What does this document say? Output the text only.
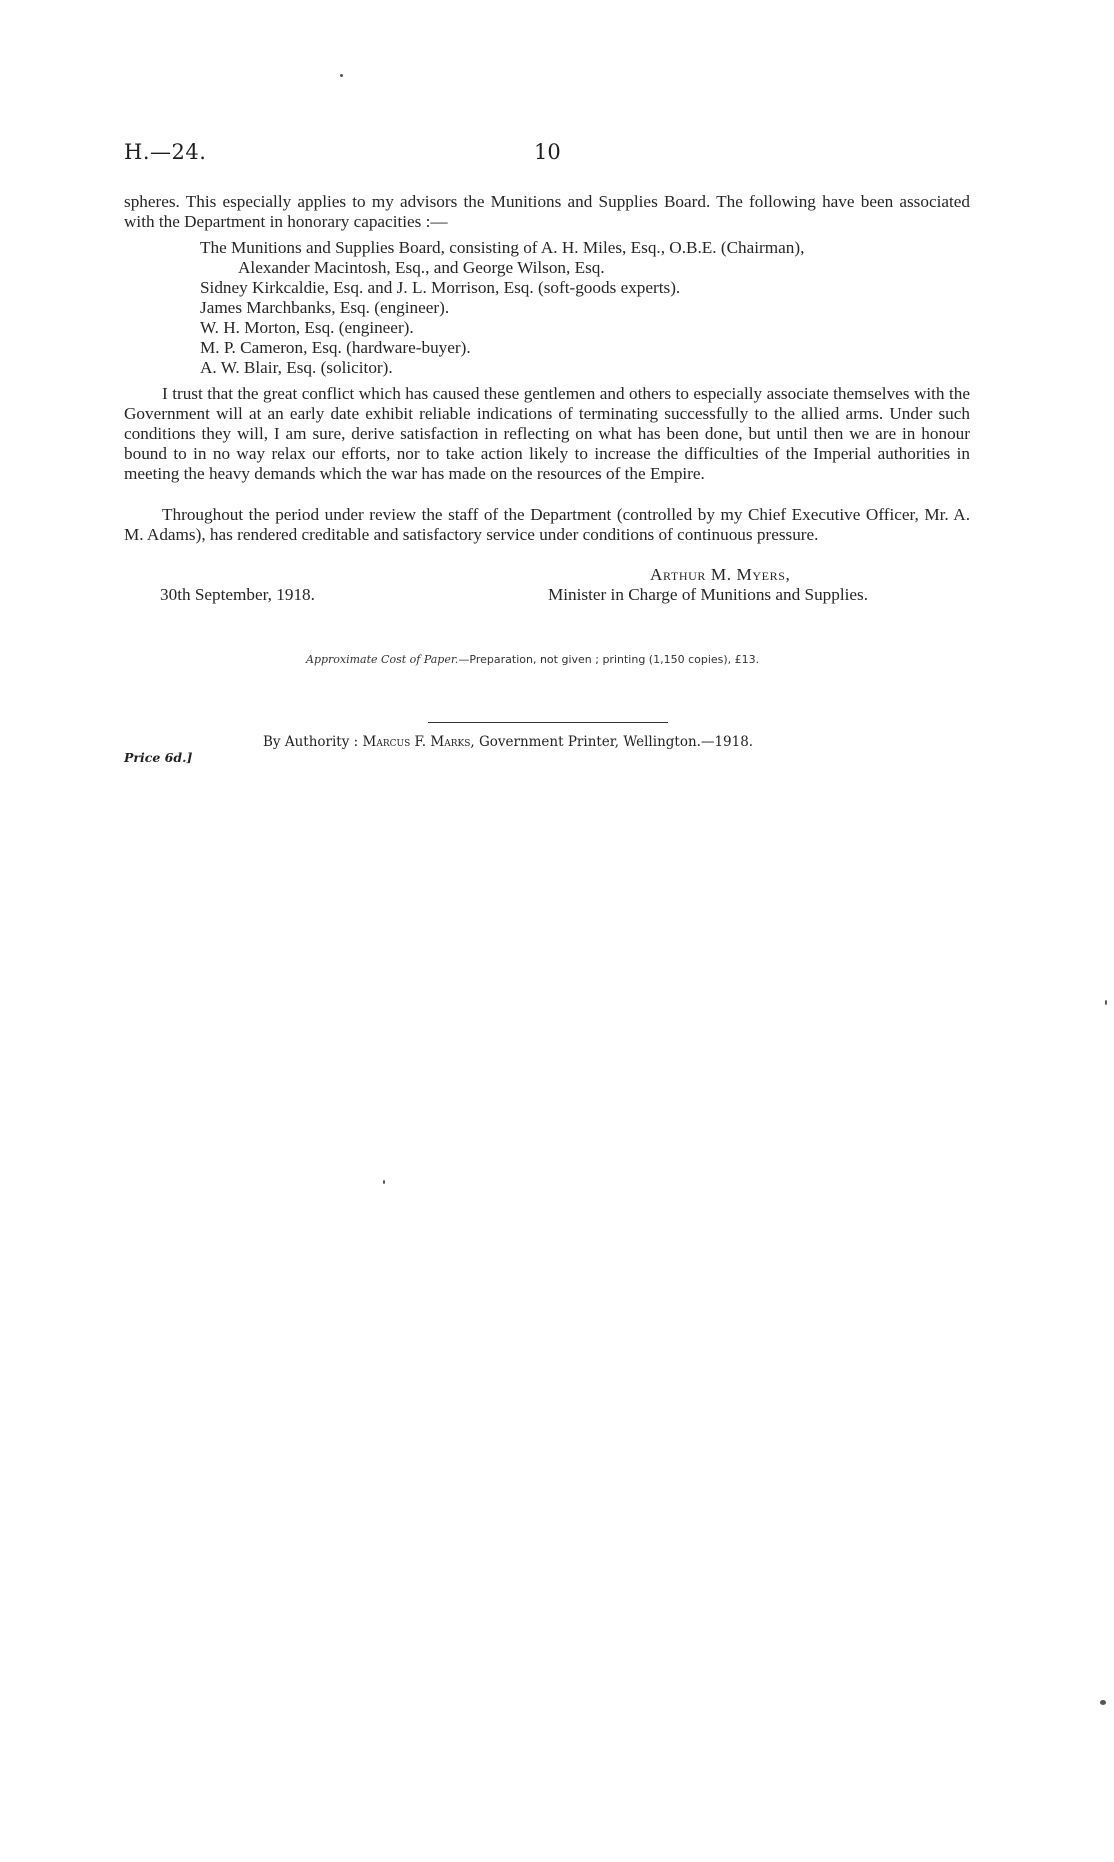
H.—24.	10
spheres. This especially applies to my advisors the Munitions and Supplies Board. The following have been associated with the Department in honorary capacities :—
The Munitions and Supplies Board, consisting of A. H. Miles, Esq., O.B.E. (Chairman),
Alexander Macintosh, Esq., and George Wilson, Esq.
Sidney Kirkcaldie, Esq. and J. L. Morrison, Esq. (soft-goods experts).
James Marchbanks, Esq. (engineer).
W. H. Morton, Esq. (engineer).
M. P. Cameron, Esq. (hardware-buyer).
A. W. Blair, Esq. (solicitor).
I trust that the great conflict which has caused these gentlemen and others to especially associate themselves with the Government will at an early date exhibit reliable indications of terminating successfully to the allied arms. Under such conditions they will, I am sure, derive satisfaction in reflecting on what has been done, but until then we are in honour bound to in no way relax our efforts, nor to take action likely to increase the difficulties of the Imperial authorities in meeting the heavy demands which the war has made on the resources of the Empire.
Throughout the period under review the staff of the Department (controlled by my Chief Executive Officer, Mr. A. M. Adams), has rendered creditable and satisfactory service under conditions of continuous pressure.
Arthur M. Myers,
30th September, 1918.	Minister in Charge of Munitions and Supplies.
Approximate Cost of Paper.—Preparation, not given ; printing (1,150 copies), £13.
By Authority : Marcus F. Marks, Government Printer, Wellington.—1918.
Price 6d.]
